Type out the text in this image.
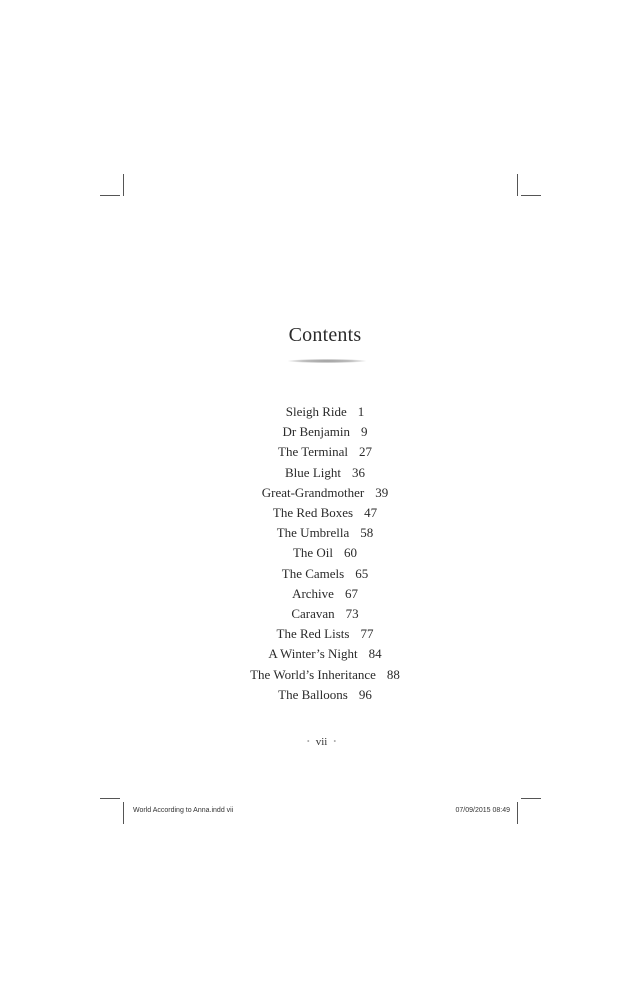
Contents
Sleigh Ride 1
Dr Benjamin 9
The Terminal 27
Blue Light 36
Great-Grandmother 39
The Red Boxes 47
The Umbrella 58
The Oil 60
The Camels 65
Archive 67
Caravan 73
The Red Lists 77
A Winter’s Night 84
The World’s Inheritance 88
The Balloons 96
• vii •
World According to Anna.indd vii	07/09/2015 08:49
